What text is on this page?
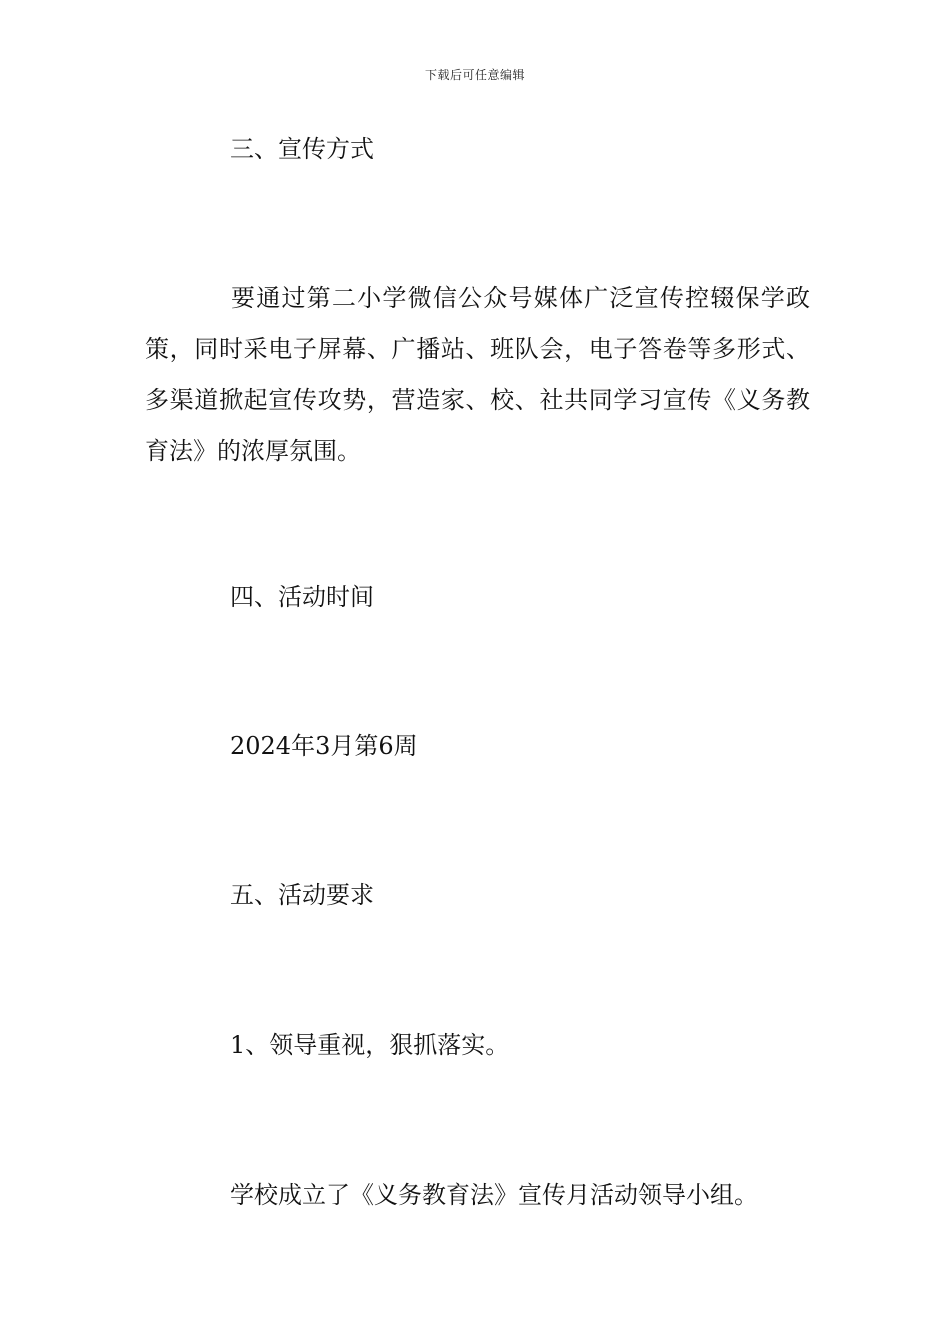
下载后可任意编辑

三、宣传方式

要通过第二小学微信公众号媒体广泛宣传控辍保学政策，同时采电子屏幕、广播站、班队会，电子答卷等多形式、多渠道掀起宣传攻势，营造家、校、社共同学习宣传《义务教育法》的浓厚氛围。

四、活动时间

2024年3月第6周

五、活动要求

1、领导重视，狠抓落实。

学校成立了《义务教育法》宣传月活动领导小组。
